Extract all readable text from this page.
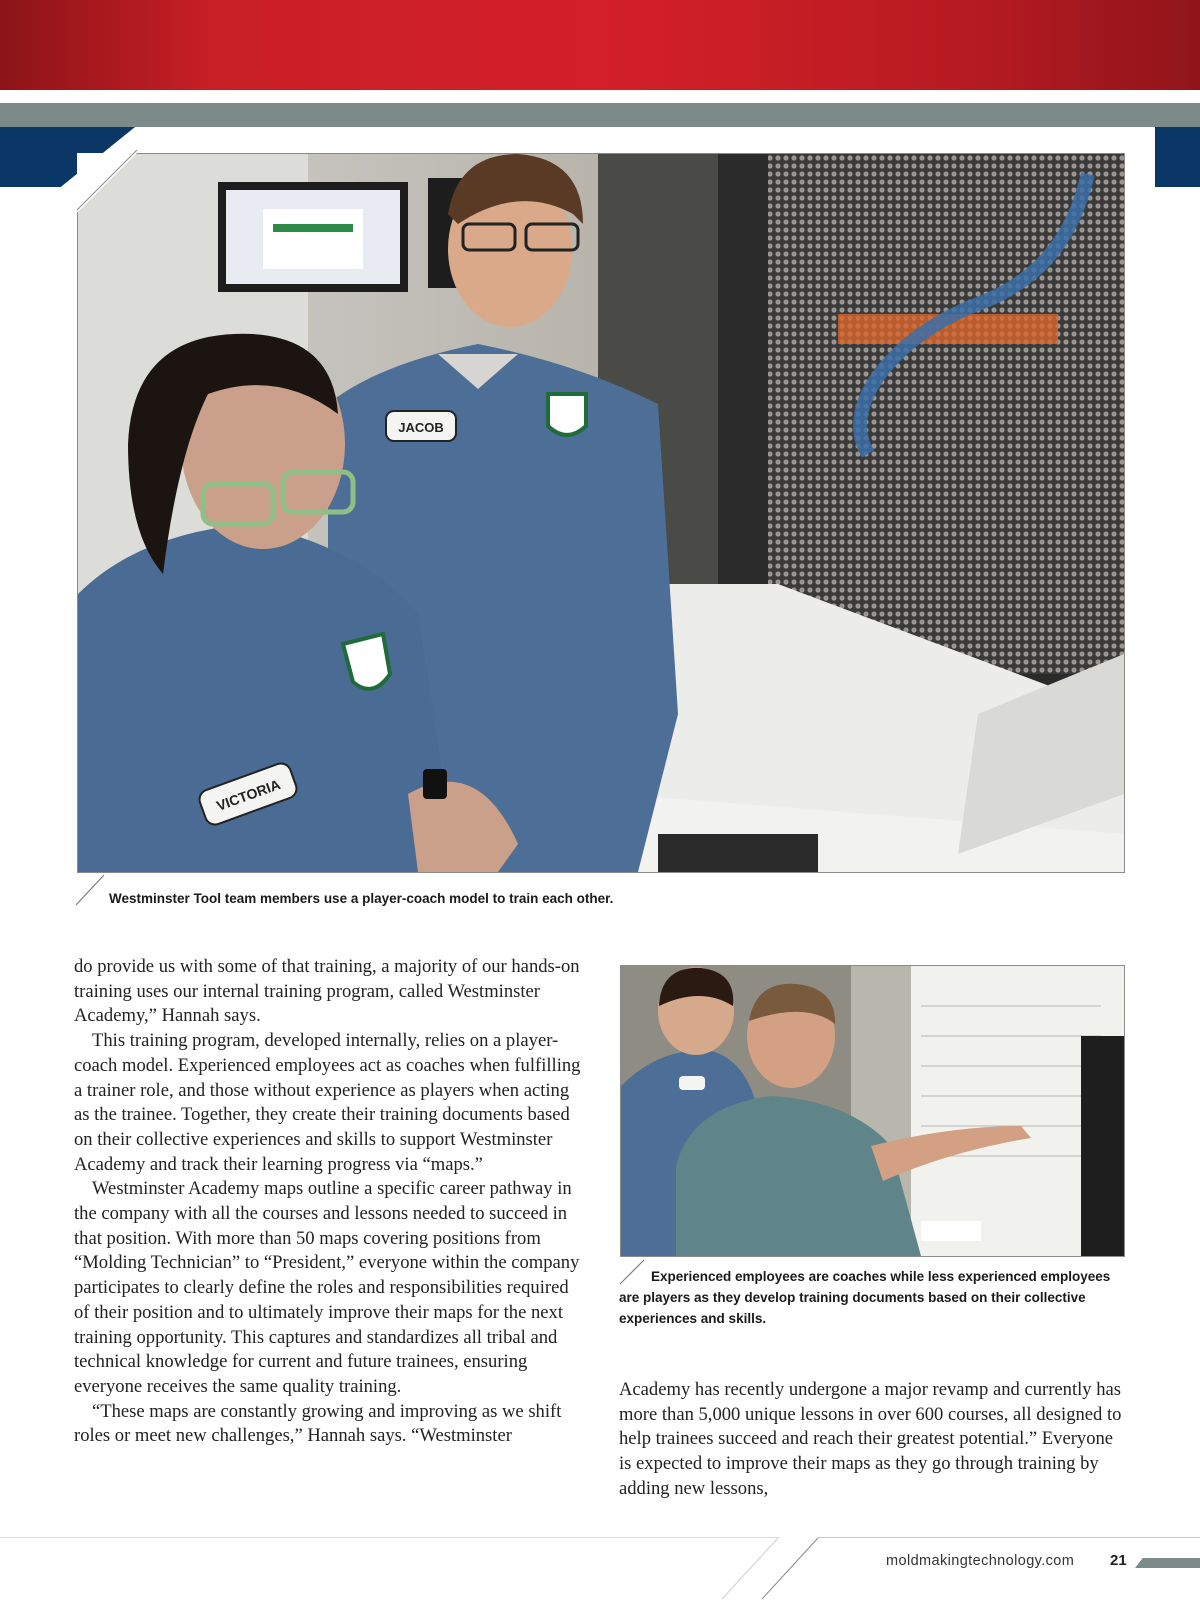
JACOB
VICTORIA
Westminster Tool team members use a player-coach model to train each other.

do provide us with some of that training, a majority of our hands-on training uses our internal training program, called Westminster Academy,” Hannah says.

This training program, developed internally, relies on a player-coach model. Experienced employees act as coaches when fulfilling a trainer role, and those without experience as players when acting as the trainee. Together, they create their training documents based on their collective experiences and skills to support Westminster Academy and track their learning progress via “maps.”

Westminster Academy maps outline a specific career pathway in the company with all the courses and lessons needed to succeed in that position. With more than 50 maps covering positions from “Molding Technician” to “President,” everyone within the company participates to clearly define the roles and responsibilities required of their position and to ultimately improve their maps for the next training opportunity. This captures and standardizes all tribal and technical knowledge for current and future trainees, ensuring everyone receives the same quality training.

“These maps are constantly growing and improving as we shift roles or meet new challenges,” Hannah says. “Westminster

Experienced employees are coaches while less experienced employees are players as they develop training documents based on their collective experiences and skills.

Academy has recently undergone a major revamp and currently has more than 5,000 unique lessons in over 600 courses, all designed to help trainees succeed and reach their greatest potential.” Everyone is expected to improve their maps as they go through training by adding new lessons,

moldmakingtechnology.com 21
